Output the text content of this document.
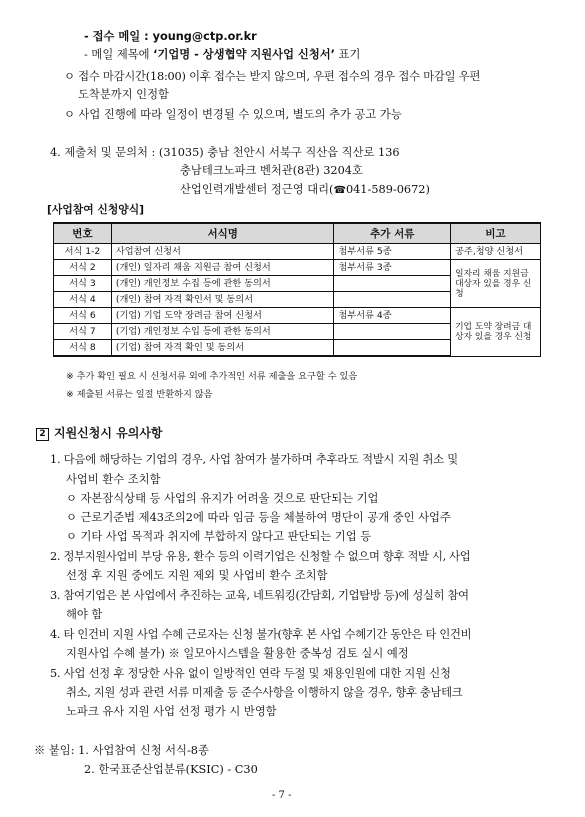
- 접수 메일 : young@ctp.or.kr
- 메일 제목에 ‘기업명 - 상생협약 지원사업 신청서’ 표기
ㅇ 접수 마감시간(18:00) 이후 접수는 받지 않으며, 우편 접수의 경우 접수 마감일 우편
도착분까지 인정함
ㅇ 사업 진행에 따라 일정이 변경될 수 있으며, 별도의 추가 공고 가능
4. 제출처 및 문의처 : (31035) 충남 천안시 서북구 직산읍 직산로 136
충남테크노파크 벤처관(8관) 3204호
산업인력개발센터 정근영 대리(☎041-589-0672)
[사업참여 신청양식]
번호	서식명	추가 서류	비고
서식 1-2	사업참여 신청서	첨부서류 5종	공주,청양 신청서
서식 2	(개인) 일자리 채움 지원금 참여 신청서	첨부서류 3종	일자리 채움 지원금 대상자 있을 경우 신청
서식 3	(개인) 개인정보 수집 등에 관한 동의서		
서식 4	(개인) 참여 자격 확인서 및 동의서		
서식 6	(기업) 기업 도약 장려금 참여 신청서	첨부서류 4종	기업 도약 장려금 대상자 있을 경우 신청
서식 7	(기업) 개인정보 수입 등에 관한 동의서		
서식 8	(기업) 참여 자격 확인 및 동의서		
※ 추가 확인 필요 시 신청서류 외에 추가적인 서류 제출을 요구할 수 있음
※ 제출된 서류는 일절 반환하지 않음
2 지원신청시 유의사항
1. 다음에 해당하는 기업의 경우, 사업 참여가 불가하며 추후라도 적발시 지원 취소 및
사업비 환수 조치함
ㅇ 자본잠식상태 등 사업의 유지가 어려울 것으로 판단되는 기업
ㅇ 근로기준법 제43조의2에 따라 임금 등을 체불하여 명단이 공개 중인 사업주
ㅇ 기타 사업 목적과 취지에 부합하지 않다고 판단되는 기업 등
2. 정부지원사업비 부당 유용, 환수 등의 이력기업은 신청할 수 없으며 향후 적발 시, 사업
선정 후 지원 중에도 지원 제외 및 사업비 환수 조치함
3. 참여기업은 본 사업에서 추진하는 교육, 네트워킹(간담회, 기업탐방 등)에 성실히 참여
해야 함
4. 타 인건비 지원 사업 수혜 근로자는 신청 불가(향후 본 사업 수혜기간 동안은 타 인건비
지원사업 수혜 불가) ※ 일모아시스템을 활용한 중복성 검토 실시 예정
5. 사업 선정 후 정당한 사유 없이 일방적인 연락 두절 및 채용인원에 대한 지원 신청
취소, 지원 성과 관련 서류 미제출 등 준수사항을 이행하지 않을 경우, 향후 충남테크
노파크 유사 지원 사업 선정 평가 시 반영함
※ 붙임: 1. 사업참여 신청 서식-8종
2. 한국표준산업분류(KSIC) - C30
- 7 -
